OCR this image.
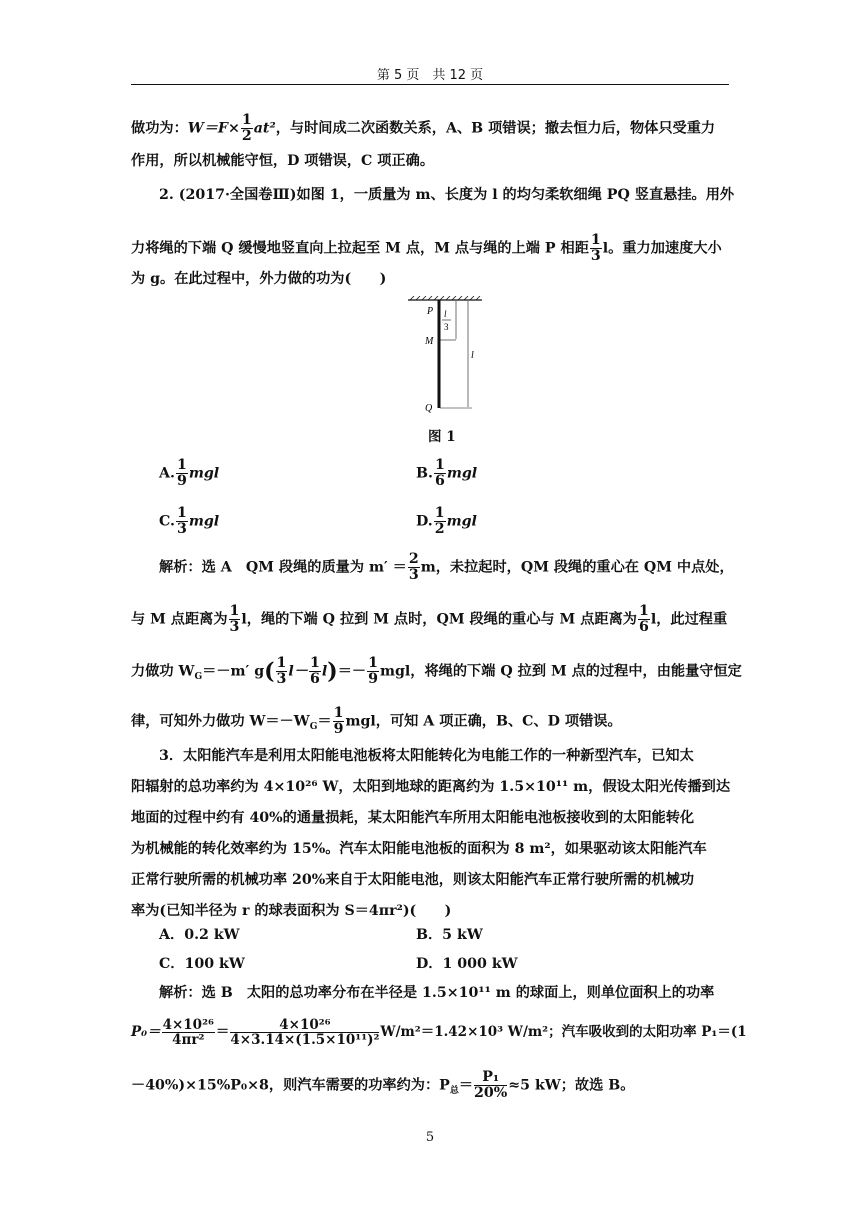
第 5 页　共 12 页
做功为：$W=F\times \frac{1}{2} at^2$，与时间成二次函数关系，A、B 项错误；撤去恒力后，物体只受重力
作用，所以机械能守恒，D 项错误，C 项正确。
2. (2017·全国卷Ⅲ)如图 1，一质量为 m、长度为 l 的均匀柔软细绳 PQ 竖直悬挂。用外
力将绳的下端 Q 缓慢地竖直向上拉起至 M 点，M 点与绳的上端 P 相距 $\frac{1}{3}$ l。重力加速度大小
为 g。在此过程中，外力做的功为(　　)
P
M
Q
l
3
l
图 1
A. $\frac{1}{9}$ mgl	B. $\frac{1}{6}$ mgl
C. $\frac{1}{3}$ mgl	D. $\frac{1}{2}$ mgl
解析：选 A　QM 段绳的质量为 $m' = \frac{2}{3}$ m，未拉起时，QM 段绳的重心在 QM 中点处，
与 M 点距离为 $\frac{1}{3}$ l，绳的下端 Q 拉到 M 点时，QM 段绳的重心与 M 点距离为 $\frac{1}{6}$ l，此过程重
力做功 $W_G=-m'$ $g( \frac{1}{3} l- \frac{1}{6} l)=- \frac{1}{9}$ mgl，将绳的下端 Q 拉到 M 点的过程中，由能量守恒定
律，可知外力做功 $W=-W_G= \frac{1}{9}$ mgl，可知 A 项正确，B、C、D 项错误。
3．太阳能汽车是利用太阳能电池板将太阳能转化为电能工作的一种新型汽车，已知太
阳辐射的总功率约为 4×10²⁶ W，太阳到地球的距离约为 1.5×10¹¹ m，假设太阳光传播到达
地面的过程中约有 40%的通量损耗，某太阳能汽车所用太阳能电池板接收到的太阳能转化
为机械能的转化效率约为 15%。汽车太阳能电池板的面积为 8 m²，如果驱动该太阳能汽车
正常行驶所需的机械功率 20%来自于太阳能电池，则该太阳能汽车正常行驶所需的机械功
率为(已知半径为 r 的球表面积为 S＝4πr²)(　　)
A．0.2 kW	B．5 kW
C．100 kW	D．1 000 kW
解析：选 B　太阳的总功率分布在半径是 1.5×10¹¹ m 的球面上，则单位面积上的功率
$P_0= \frac{\text{4×10²⁶}}{\text{4πr²}} = \frac{\text{4×10²⁶}}{\text{4×3.14×(1.5×10¹¹)²}} W/m^2=1.42\times 10^3$ W/m²；汽车吸收到的太阳功率 P₁＝(1
－40%)×15%P₀×8，则汽车需要的功率约为：$P_总= \frac{\text{P₁}}{20\%} \approx 5$ kW；故选 B。
5
